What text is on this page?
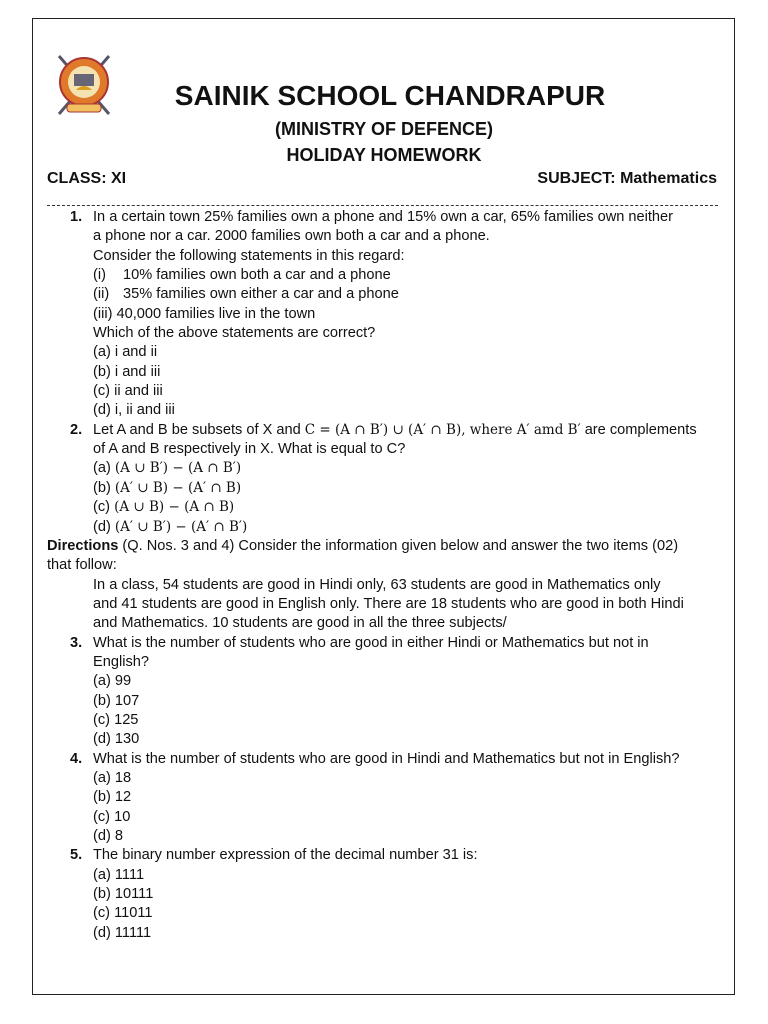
SAINIK SCHOOL CHANDRAPUR
(MINISTRY OF DEFENCE)
HOLIDAY HOMEWORK
CLASS: XI	SUBJECT: Mathematics
1. In a certain town 25% families own a phone and 15% own a car, 65% families own neither
a phone nor a car. 2000 families own both a car and a phone.
Consider the following statements in this regard:
(i) 10% families own both a car and a phone
(ii) 35% families own either a car and a phone
(iii) 40,000 families live in the town
Which of the above statements are correct?
(a) i and ii
(b) i and iii
(c) ii and iii
(d) i, ii and iii
2. Let A and B be subsets of X and C = (A ∩ B′) ∪ (A′ ∩ B), where A′ amd B′ are complements
of A and B respectively in X. What is equal to C?
(a) (A ∪ B′) − (A ∩ B′)
(b) (A′ ∪ B) − (A′ ∩ B)
(c) (A ∪ B) − (A ∩ B)
(d) (A′ ∪ B′) − (A′ ∩ B′)
Directions (Q. Nos. 3 and 4) Consider the information given below and answer the two items (02)
that follow:
In a class, 54 students are good in Hindi only, 63 students are good in Mathematics only
and 41 students are good in English only. There are 18 students who are good in both Hindi
and Mathematics. 10 students are good in all the three subjects/
3. What is the number of students who are good in either Hindi or Mathematics but not in
English?
(a) 99
(b) 107
(c) 125
(d) 130
4. What is the number of students who are good in Hindi and Mathematics but not in English?
(a) 18
(b) 12
(c) 10
(d) 8
5. The binary number expression of the decimal number 31 is:
(a) 1111
(b) 10111
(c) 11011
(d) 11111
